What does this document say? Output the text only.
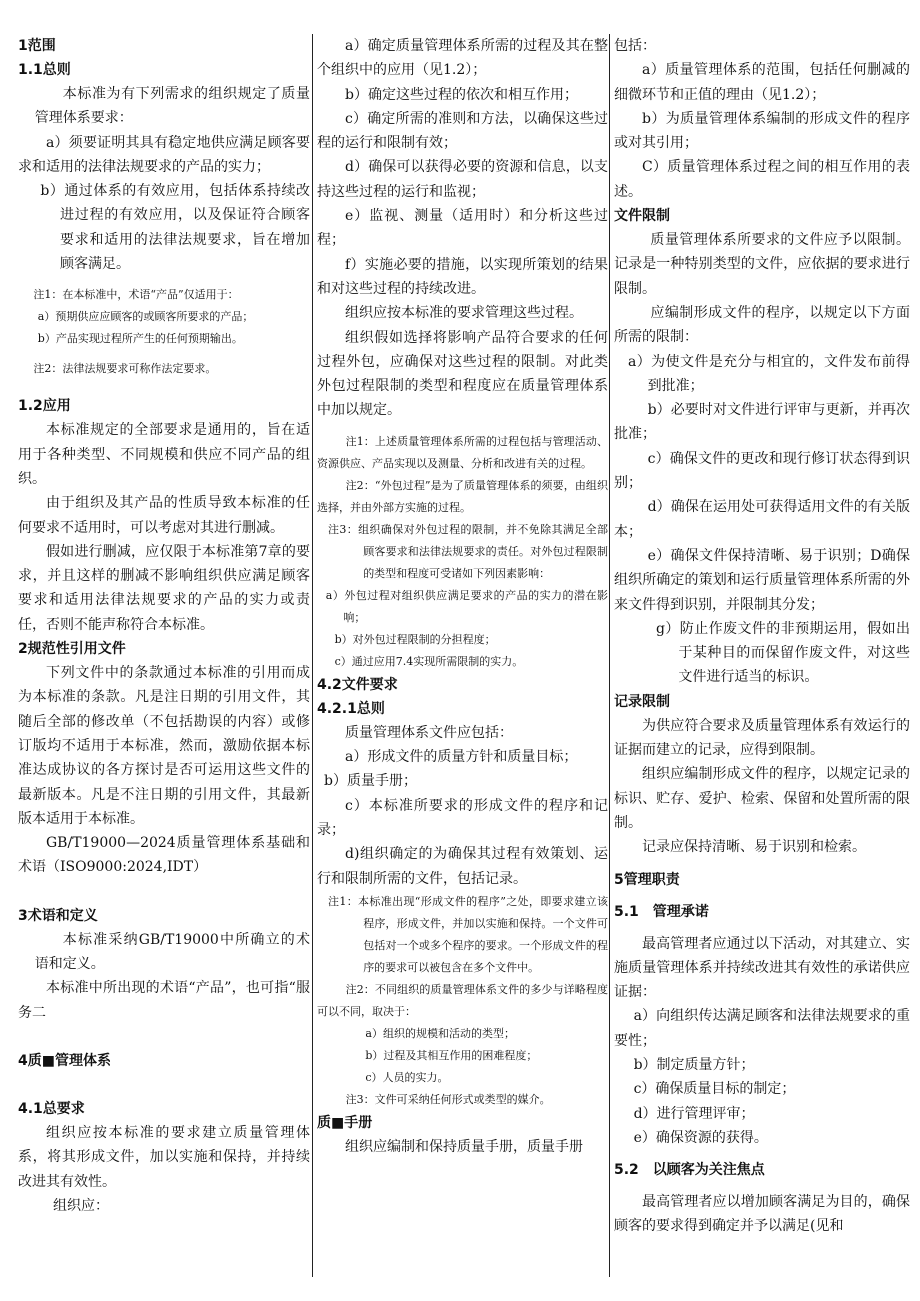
1范围

1.1总则

本标准为有下列需求的组织规定了质量管理体系要求：

a）须要证明其具有稳定地供应满足顾客要求和适用的法律法规要求的产品的实力；

b）通过体系的有效应用，包括体系持续改进过程的有效应用，以及保证符合顾客要求和适用的法律法规要求，旨在增加顾客满足。

注1：在本标准中，术语“产品”仅适用于：

a）预期供应应顾客的或顾客所要求的产品；

b）产品实现过程所产生的任何预期输出。

注2：法律法规要求可称作法定要求。

1.2应用

本标准规定的全部要求是通用的，旨在适用于各种类型、不同规模和供应不同产品的组织。

由于组织及其产品的性质导致本标准的任何要求不适用时，可以考虑对其进行删减。

假如进行删减，应仅限于本标准第7章的要求，并且这样的删减不影响组织供应满足顾客要求和适用法律法规要求的产品的实力或责任，否则不能声称符合本标准。

2规范性引用文件

下列文件中的条款通过本标准的引用而成为本标准的条款。凡是注日期的引用文件，其随后全部的修改单（不包括勘误的内容）或修订版均不适用于本标准，然而，激励依据本标准达成协议的各方探讨是否可运用这些文件的最新版本。凡是不注日期的引用文件，其最新版本适用于本标准。

GB/T19000—2024质量管理体系基础和术语（ISO9000:2024,IDT）

3术语和定义

本标准采纳GB/T19000中所确立的术语和定义。

本标准中所出现的术语“产品”，也可指“服务二

4质■管理体系

4.1总要求

组织应按本标准的要求建立质量管理体系，将其形成文件，加以实施和保持，并持续改进其有效性。

组织应：

a）确定质量管理体系所需的过程及其在整个组织中的应用（见1.2）；

b）确定这些过程的依次和相互作用；

c）确定所需的准则和方法，以确保这些过程的运行和限制有效；

d）确保可以获得必要的资源和信息，以支持这些过程的运行和监视；

e）监视、测量（适用时）和分析这些过程；

f）实施必要的措施，以实现所策划的结果和对这些过程的持续改进。

组织应按本标准的要求管理这些过程。

组织假如选择将影响产品符合要求的任何过程外包，应确保对这些过程的限制。对此类外包过程限制的类型和程度应在质量管理体系中加以规定。

注1：上述质量管理体系所需的过程包括与管理活动、资源供应、产品实现以及测量、分析和改进有关的过程。

注2：“外包过程”是为了质量管理体系的须要，由组织选择，并由外部方实施的过程。

注3：组织确保对外包过程的限制，并不免除其满足全部顾客要求和法律法规要求的责任。对外包过程限制的类型和程度可受诸如下列因素影响：

a）外包过程对组织供应满足要求的产品的实力的潜在影响；

b）对外包过程限制的分担程度；

c）通过应用7.4实现所需限制的实力。

4.2文件要求

4.2.1总则

质量管理体系文件应包括：

a）形成文件的质量方针和质量目标；

b）质量手册；

c）本标准所要求的形成文件的程序和记录；

d)组织确定的为确保其过程有效策划、运行和限制所需的文件，包括记录。

注1：本标准出现“形成文件的程序”之处，即要求建立该程序，形成文件，并加以实施和保持。一个文件可包括对一个或多个程序的要求。一个形成文件的程序的要求可以被包含在多个文件中。

注2：不同组织的质量管理体系文件的多少与详略程度可以不同，取决于：

a）组织的规模和活动的类型；

b）过程及其相互作用的困难程度；

c）人员的实力。

注3：文件可采纳任何形式或类型的媒介。

质■手册

组织应编制和保持质量手册，质量手册

包括：

a）质量管理体系的范围，包括任何删减的细微环节和正值的理由（见1.2）；

b）为质量管理体系编制的形成文件的程序或对其引用；

C）质量管理体系过程之间的相互作用的表述。

文件限制

质量管理体系所要求的文件应予以限制。记录是一种特别类型的文件，应依据的要求进行限制。

应编制形成文件的程序，以规定以下方面所需的限制：

a）为使文件是充分与相宜的，文件发布前得到批准；

b）必要时对文件进行评审与更新，并再次批准；

c）确保文件的更改和现行修订状态得到识别；

d）确保在运用处可获得适用文件的有关版本；

e）确保文件保持清晰、易于识别；D确保组织所确定的策划和运行质量管理体系所需的外来文件得到识别，并限制其分发；

g）防止作废文件的非预期运用，假如出于某种目的而保留作废文件，对这些文件进行适当的标识。

记录限制

为供应符合要求及质量管理体系有效运行的证据而建立的记录，应得到限制。

组织应编制形成文件的程序，以规定记录的标识、贮存、爱护、检索、保留和处置所需的限制。

记录应保持清晰、易于识别和检索。

5管理职责

5.1　管理承诺

最高管理者应通过以下活动，对其建立、实施质量管理体系并持续改进其有效性的承诺供应证据：

a）向组织传达满足顾客和法律法规要求的重要性；

b）制定质量方针；

c）确保质量目标的制定；

d）进行管理评审；

e）确保资源的获得。

5.2　以顾客为关注焦点

最高管理者应以增加顾客满足为目的，确保顾客的要求得到确定并予以满足(见和
